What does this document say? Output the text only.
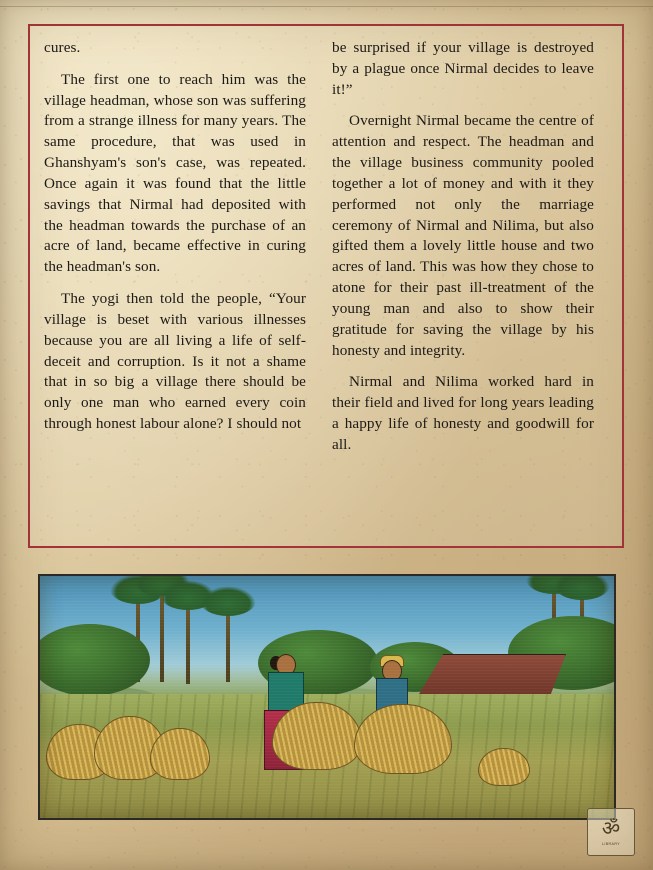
cures.

The first one to reach him was the village headman, whose son was suffering from a strange illness for many years. The same procedure, that was used in Ghanshyam's son's case, was repeated. Once again it was found that the little savings that Nirmal had deposited with the headman towards the purchase of an acre of land, became effective in curing the headman's son.

The yogi then told the people, “Your village is beset with various illnesses because you are all living a life of self-deceit and corruption. Is it not a shame that in so big a village there should be only one man who earned every coin through honest labour alone? I should not

be surprised if your village is destroyed by a plague once Nirmal decides to leave it!”

Overnight Nirmal became the centre of attention and respect. The headman and the village business community pooled together a lot of money and with it they performed not only the marriage ceremony of Nirmal and Nilima, but also gifted them a lovely little house and two acres of land. This was how they chose to atone for their past ill-treatment of the young man and also to show their gratitude for saving the village by his honesty and integrity.

Nirmal and Nilima worked hard in their field and lived for long years leading a happy life of honesty and goodwill for all.

ॐ
LIBRARY
